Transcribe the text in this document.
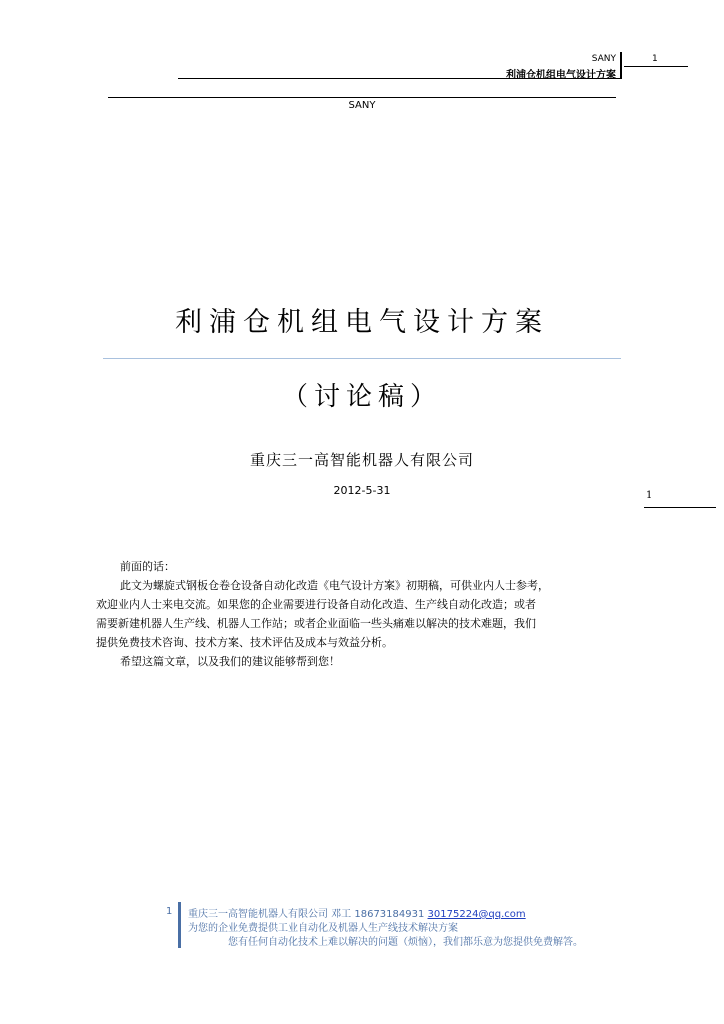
SANY
利浦仓机组电气设计方案
1
SANY
利浦仓机组电气设计方案
（讨论稿）
重庆三一高智能机器人有限公司
2012-5-31	1

前面的话：

此文为螺旋式钢板仓卷仓设备自动化改造《电气设计方案》初期稿，可供业内人士参考，

欢迎业内人士来电交流。如果您的企业需要进行设备自动化改造、生产线自动化改造；或者

需要新建机器人生产线、机器人工作站；或者企业面临一些头痛难以解决的技术难题，我们

提供免费技术咨询、技术方案、技术评估及成本与效益分析。

希望这篇文章，以及我们的建议能够帮到您！

1 重庆三一高智能机器人有限公司 邓工 18673184931 30175224@qq.com
为您的企业免费提供工业自动化及机器人生产线技术解决方案
您有任何自动化技术上难以解决的问题（烦恼），我们都乐意为您提供免费解答。
